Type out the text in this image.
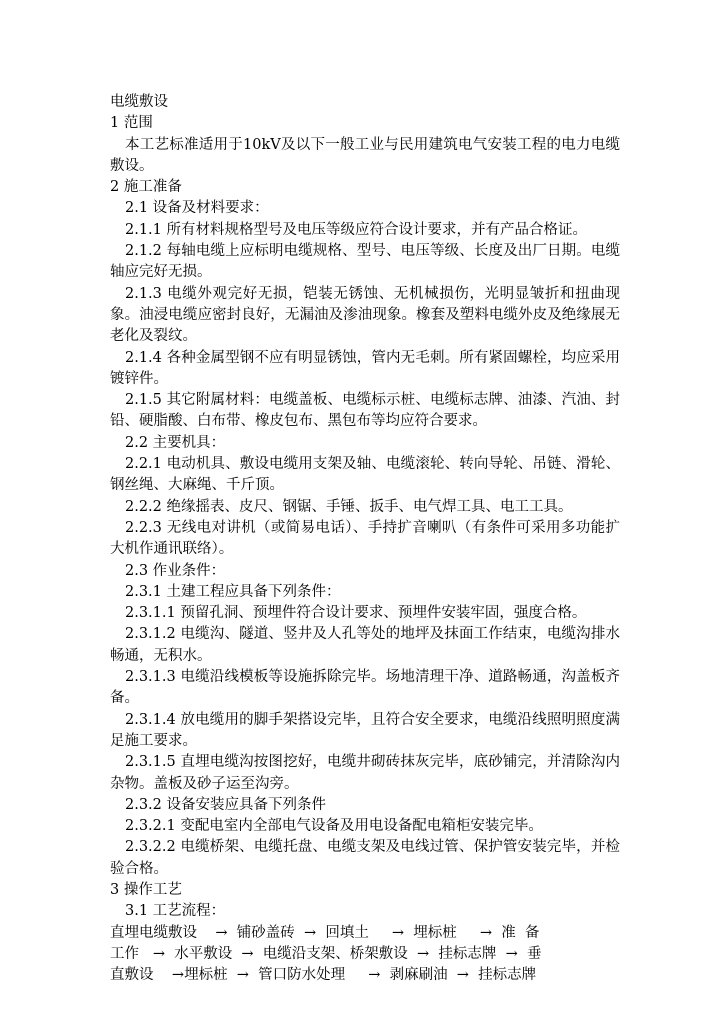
电缆敷设

1 范围

本工艺标准适用于10kV及以下一般工业与民用建筑电气安装工程的电力电缆敷设。

2 施工准备

2.1 设备及材料要求：

2.1.1 所有材料规格型号及电压等级应符合设计要求，并有产品合格证。

2.1.2 每轴电缆上应标明电缆规格、型号、电压等级、长度及出厂日期。电缆轴应完好无损。

2.1.3 电缆外观完好无损，铠装无锈蚀、无机械损伤，光明显皱折和扭曲现象。油浸电缆应密封良好，无漏油及渗油现象。橡套及塑料电缆外皮及绝缘展无老化及裂纹。

2.1.4 各种金属型钢不应有明显锈蚀，管内无毛刺。所有紧固螺栓，均应采用镀锌件。

2.1.5 其它附属材料：电缆盖板、电缆标示桩、电缆标志牌、油漆、汽油、封铅、硬脂酸、白布带、橡皮包布、黑包布等均应符合要求。

2.2 主要机具：

2.2.1 电动机具、敷设电缆用支架及轴、电缆滚轮、转向导轮、吊链、滑轮、钢丝绳、大麻绳、千斤顶。

2.2.2 绝缘摇表、皮尺、钢锯、手锤、扳手、电气焊工具、电工工具。

2.2.3 无线电对讲机（或简易电话）、手持扩音喇叭（有条件可采用多功能扩大机作通讯联络）。

2.3 作业条件：

2.3.1 土建工程应具备下列条件：

2.3.1.1 预留孔洞、预埋件符合设计要求、预埋件安装牢固，强度合格。

2.3.1.2 电缆沟、隧道、竖井及人孔等处的地坪及抹面工作结束，电缆沟排水畅通，无积水。

2.3.1.3 电缆沿线模板等设施拆除完毕。场地清理干净、道路畅通，沟盖板齐备。

2.3.1.4 放电缆用的脚手架搭设完毕，且符合安全要求，电缆沿线照明照度满足施工要求。

2.3.1.5 直埋电缆沟按图挖好，电缆井砌砖抹灰完毕，底砂铺完，并清除沟内杂物。盖板及砂子运至沟旁。

2.3.2 设备安装应具备下列条件

2.3.2.1 变配电室内全部电气设备及用电设备配电箱柜安装完毕。

2.3.2.2 电缆桥架、电缆托盘、电缆支架及电线过管、保护管安装完毕，并检验合格。

3 操作工艺

3.1 工艺流程：

直埋电缆敷设    →  铺砂盖砖  →  回填土     →  埋标桩     →  准  备

工作   →  水平敷设  →  电缆沿支架、桥架敷设  →  挂标志牌  →  垂

直敷设    →埋标桩  →  管口防水处理     →  剥麻刷油  →  挂标志牌
